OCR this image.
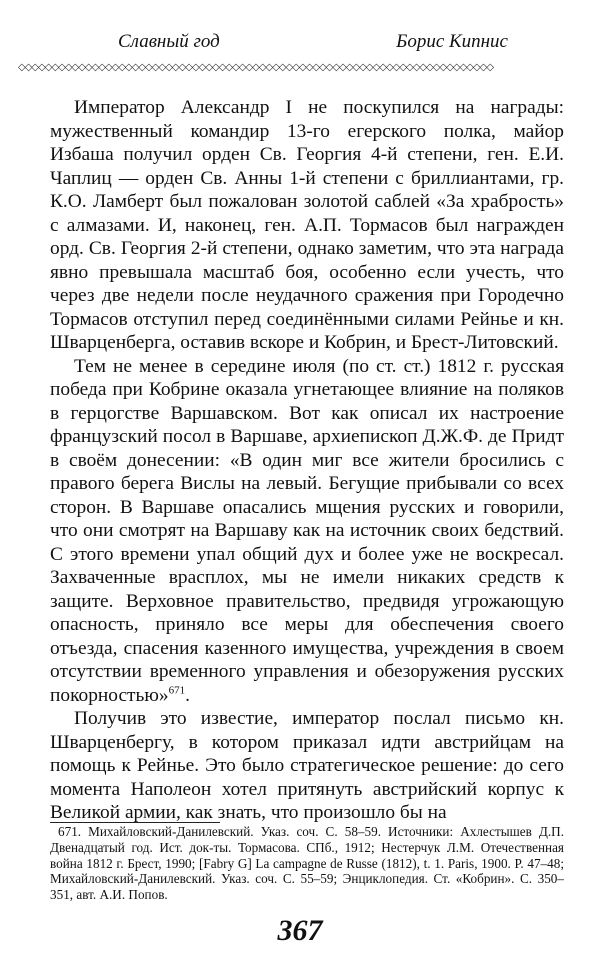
Славный год	Борис Кипнис
◇◇◇◇◇◇◇◇◇◇◇◇◇◇◇◇◇◇◇◇◇◇◇◇◇◇◇◇◇◇◇◇◇◇◇◇◇◇◇◇◇◇◇◇◇◇◇◇◇◇◇◇◇◇◇◇◇◇◇◇◇◇◇◇◇◇◇◇◇◇◇

Император Александр I не поскупился на награды: мужественный командир 13-го егерского полка, майор Избаша получил орден Св. Георгия 4-й степени, ген. Е.И. Чаплиц — орден Св. Анны 1-й степени с бриллиантами, гр. К.О. Ламберт был пожалован золотой саблей «За храбрость» с алмазами. И, наконец, ген. А.П. Тормасов был награжден орд. Св. Георгия 2-й степени, однако заметим, что эта награда явно превышала масштаб боя, особенно если учесть, что через две недели после неудачного сражения при Городечно Тормасов отступил перед соединёнными силами Рейнье и кн. Шварценберга, оставив вскоре и Кобрин, и Брест-Литовский.

Тем не менее в середине июля (по ст. ст.) 1812 г. русская победа при Кобрине оказала угнетающее влияние на поляков в герцогстве Варшавском. Вот как описал их настроение французский посол в Варшаве, архиепископ Д.Ж.Ф. де Придт в своём донесении: «В один миг все жители бросились с правого берега Вислы на левый. Бегущие прибывали со всех сторон. В Варшаве опасались мщения русских и говорили, что они смотрят на Варшаву как на источник своих бедствий. С этого времени упал общий дух и более уже не воскресал. Захваченные врасплох, мы не имели никаких средств к защите. Верховное правительство, предвидя угрожающую опасность, приняло все меры для обеспечения своего отъезда, спасения казенного имущества, учреждения в своем отсутствии временного управления и обезоружения русских покорностью»$^{671}$.

Получив это известие, император послал письмо кн. Шварценбергу, в котором приказал идти австрийцам на помощь к Рейнье. Это было стратегическое решение: до сего момента Наполеон хотел притянуть австрийский корпус к Великой армии, как знать, что произошло бы на

671. Михайловский-Данилевский. Указ. соч. С. 58–59. Источники: Ахлестышев Д.П. Двенадцатый год. Ист. док-ты. Тормасова. СПб., 1912; Нестерчук Л.М. Отечественная война 1812 г. Брест, 1990; [Fabry G] La campagne de Russe (1812), t. 1. Paris, 1900. P. 47–48; Михайловский-Данилевский. Указ. соч. С. 55–59; Энциклопедия. Ст. «Кобрин». С. 350–351, авт. А.И. Попов.

367
